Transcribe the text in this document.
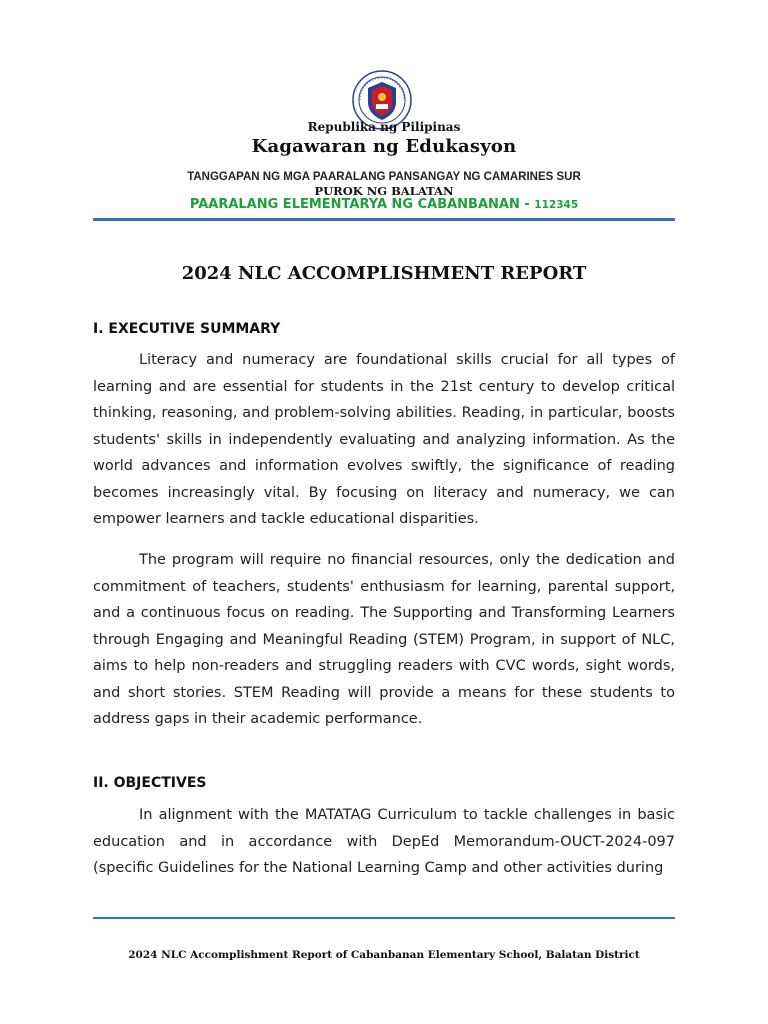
Republika ng Pilipinas
Kagawaran ng Edukasyon
TANGGAPAN NG MGA PAARALANG PANSANGAY NG CAMARINES SUR
PUROK NG BALATAN
PAARALANG ELEMENTARYA NG CABANBANAN - 112345
2024 NLC ACCOMPLISHMENT REPORT
I. EXECUTIVE SUMMARY

Literacy and numeracy are foundational skills crucial for all types of learning and are essential for students in the 21st century to develop critical thinking, reasoning, and problem-solving abilities. Reading, in particular, boosts students' skills in independently evaluating and analyzing information. As the world advances and information evolves swiftly, the significance of reading becomes increasingly vital. By focusing on literacy and numeracy, we can empower learners and tackle educational disparities.

The program will require no financial resources, only the dedication and commitment of teachers, students' enthusiasm for learning, parental support, and a continuous focus on reading. The Supporting and Transforming Learners through Engaging and Meaningful Reading (STEM) Program, in support of NLC, aims to help non-readers and struggling readers with CVC words, sight words, and short stories. STEM Reading will provide a means for these students to address gaps in their academic performance.

II. OBJECTIVES

In alignment with the MATATAG Curriculum to tackle challenges in basic education and in accordance with DepEd Memorandum-OUCT-2024-097 (specific Guidelines for the National Learning Camp and other activities during

2024 NLC Accomplishment Report of Cabanbanan Elementary School, Balatan District
